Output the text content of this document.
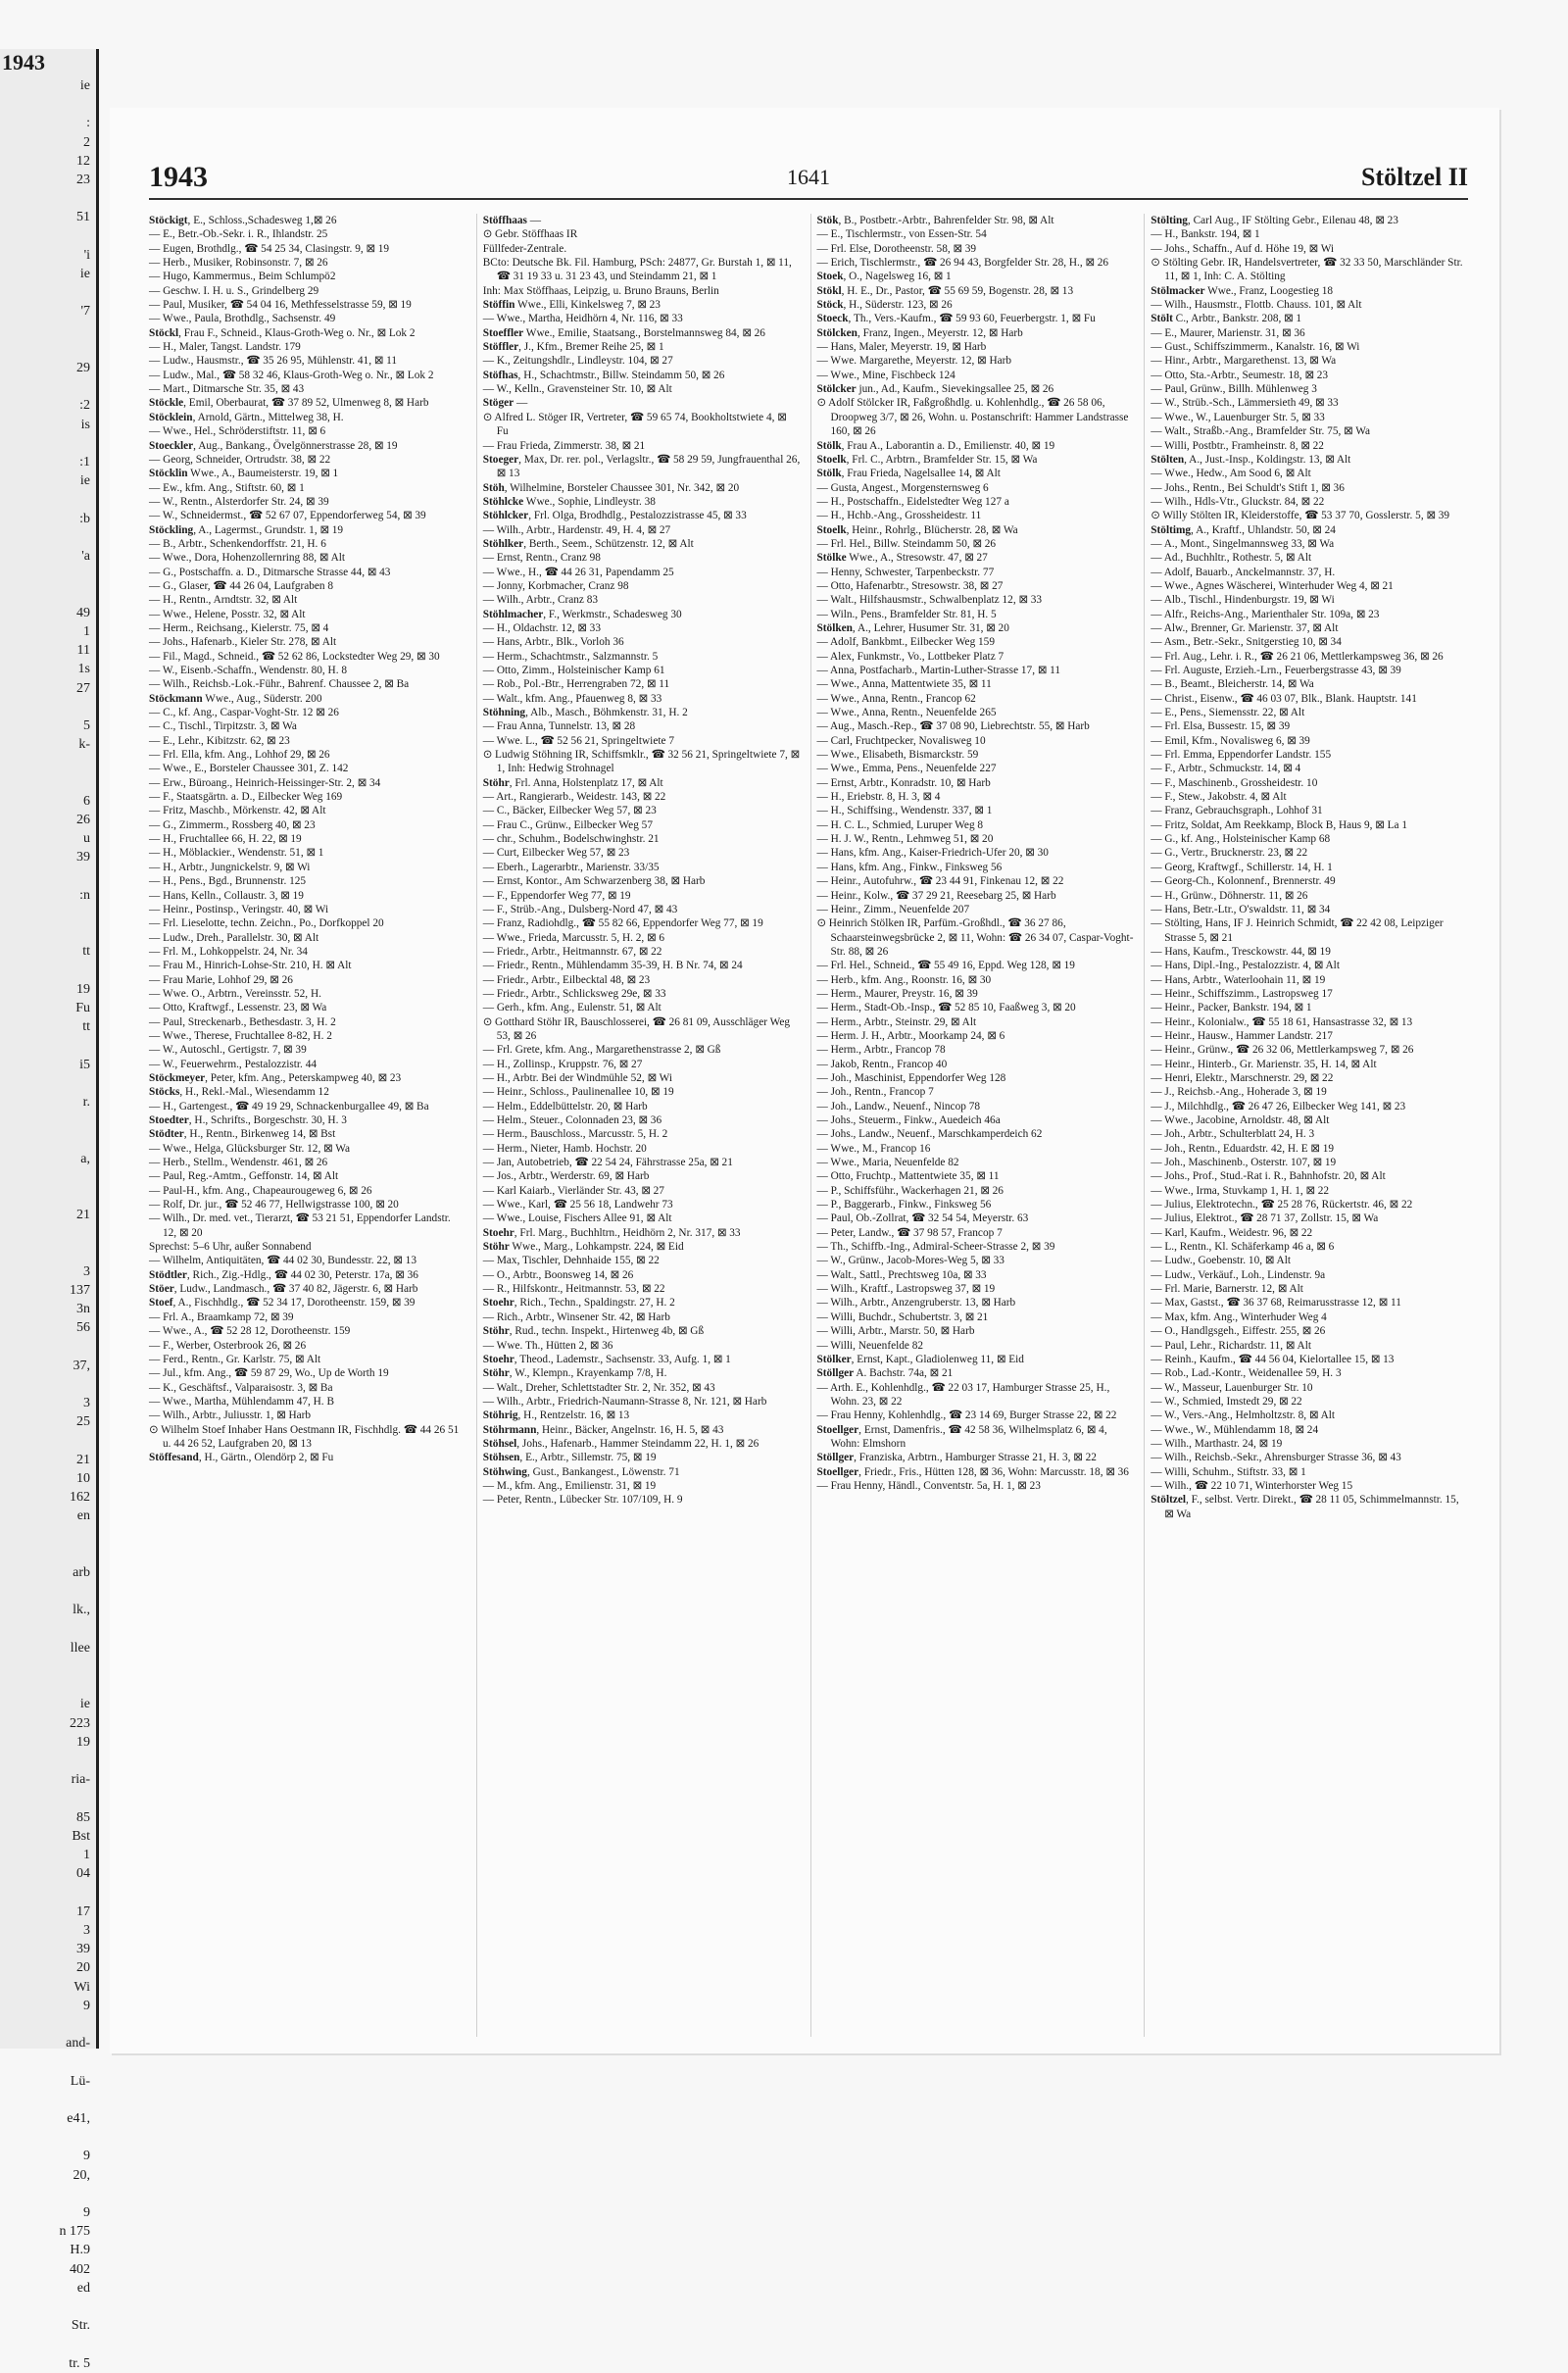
1943
ie

:
2
12
23

51

'i
ie

'7

29

:2
is

:1
ie

:b

'a

49
1
11
1s
27

5
k-

6
26
u
39

:n

tt

19
Fu
tt

i5

r.

a,

21

3
137
3n
56

37,

3
25

21
10
162
en

arb

lk.,

llee

ie
223
19

ria-

85
Bst
1
04

17
3
39
20
Wi
9

and-

Lü-

e41,

9
20,

9
n 175
H.9
402
ed

Str.

tr. 5
1943	1641	Stöltzel II
Stöckigt, E., Schloss.,Schadesweg 1,⊠ 26
— E., Betr.-Ob.-Sekr. i. R., Ihlandstr. 25
— Eugen, Brothdlg., ☎ 54 25 34, Clasingstr. 9, ⊠ 19
— Herb., Musiker, Robinsonstr. 7, ⊠ 26
— Hugo, Kammermus., Beim Schlumpö2
— Geschw. I. H. u. S., Grindelberg 29
— Paul, Musiker, ☎ 54 04 16, Methfesselstrasse 59, ⊠ 19
— Wwe., Paula, Brothdlg., Sachsenstr. 49
Stöckl, Frau F., Schneid., Klaus-Groth-Weg o. Nr., ⊠ Lok 2
— H., Maler, Tangst. Landstr. 179
— Ludw., Hausmstr., ☎ 35 26 95, Mühlenstr. 41, ⊠ 11
— Ludw., Mal., ☎ 58 32 46, Klaus-Groth-Weg o. Nr., ⊠ Lok 2
— Mart., Ditmarsche Str. 35, ⊠ 43
Stöckle, Emil, Oberbaurat, ☎ 37 89 52, Ulmenweg 8, ⊠ Harb
Stöcklein, Arnold, Gärtn., Mittelweg 38, H.
— Wwe., Hel., Schröderstiftstr. 11, ⊠ 6
Stoeckler, Aug., Bankang., Övelgönnerstrasse 28, ⊠ 19
— Georg, Schneider, Ortrudstr. 38, ⊠ 22
Stöcklin Wwe., A., Baumeisterstr. 19, ⊠ 1
— Ew., kfm. Ang., Stiftstr. 60, ⊠ 1
— W., Rentn., Alsterdorfer Str. 24, ⊠ 39
— W., Schneidermst., ☎ 52 67 07, Eppendorferweg 54, ⊠ 39
Stöckling, A., Lagermst., Grundstr. 1, ⊠ 19
— B., Arbtr., Schenkendorffstr. 21, H. 6
— Wwe., Dora, Hohenzollernring 88, ⊠ Alt
— G., Postschaffn. a. D., Ditmarsche Strasse 44, ⊠ 43
— G., Glaser, ☎ 44 26 04, Laufgraben 8
— H., Rentn., Arndtstr. 32, ⊠ Alt
— Wwe., Helene, Posstr. 32, ⊠ Alt
— Herm., Reichsang., Kielerstr. 75, ⊠ 4
— Johs., Hafenarb., Kieler Str. 278, ⊠ Alt
— Fil., Magd., Schneid., ☎ 52 62 86, Lockstedter Weg 29, ⊠ 30
— W., Eisenb.-Schaffn., Wendenstr. 80, H. 8
— Wilh., Reichsb.-Lok.-Führ., Bahrenf. Chaussee 2, ⊠ Ba
Stöckmann Wwe., Aug., Süderstr. 200
— C., kf. Ang., Caspar-Voght-Str. 12 ⊠ 26
— C., Tischl., Tirpitzstr. 3, ⊠ Wa
— E., Lehr., Kibitzstr. 62, ⊠ 23
— Frl. Ella, kfm. Ang., Lohhof 29, ⊠ 26
— Wwe., E., Borsteler Chaussee 301, Z. 142
— Erw., Büroang., Heinrich-Heissinger-Str. 2, ⊠ 34
— F., Staatsgärtn. a. D., Eilbecker Weg 169
— Fritz, Maschb., Mörkenstr. 42, ⊠ Alt
— G., Zimmerm., Rossberg 40, ⊠ 23
— H., Fruchtallee 66, H. 22, ⊠ 19
— H., Möblackier., Wendenstr. 51, ⊠ 1
— H., Arbtr., Jungnickelstr. 9, ⊠ Wi
— H., Pens., Bgd., Brunnenstr. 125
— Hans, Kelln., Collaustr. 3, ⊠ 19
— Heinr., Postinsp., Veringstr. 40, ⊠ Wi
— Frl. Lieselotte, techn. Zeichn., Po., Dorfkoppel 20
— Ludw., Dreh., Parallelstr. 30, ⊠ Alt
— Frl. M., Lohkoppelstr. 24, Nr. 34
— Frau M., Hinrich-Lohse-Str. 210, H. ⊠ Alt
— Frau Marie, Lohhof 29, ⊠ 26
— Wwe. O., Arbtrn., Vereinsstr. 52, H.
— Otto, Kraftwgf., Lessenstr. 23, ⊠ Wa
— Paul, Streckenarb., Bethesdastr. 3, H. 2
— Wwe., Therese, Fruchtallee 8-82, H. 2
— W., Autoschl., Gertigstr. 7, ⊠ 39
— W., Feuerwehrm., Pestalozzistr. 44
Stöckmeyer, Peter, kfm. Ang., Peterskampweg 40, ⊠ 23
Stöcks, H., Rekl.-Mal., Wiesendamm 12
— H., Gartengest., ☎ 49 19 29, Schnackenburgallee 49, ⊠ Ba
Stoedter, H., Schrifts., Borgeschstr. 30, H. 3
Stödter, H., Rentn., Birkenweg 14, ⊠ Bst
— Wwe., Helga, Glücksburger Str. 12, ⊠ Wa
— Herb., Stellm., Wendenstr. 461, ⊠ 26
— Paul, Reg.-Amtm., Geffonstr. 14, ⊠ Alt
— Paul-H., kfm. Ang., Chapeaurougeweg 6, ⊠ 26
— Rolf, Dr. jur., ☎ 52 46 77, Hellwigstrasse 100, ⊠ 20
— Wilh., Dr. med. vet., Tierarzt, ☎ 53 21 51, Eppendorfer Landstr. 12, ⊠ 20
Sprechst: 5–6 Uhr, außer Sonnabend
— Wilhelm, Antiquitäten, ☎ 44 02 30, Bundesstr. 22, ⊠ 13
Stödtler, Rich., Zig.-Hdlg., ☎ 44 02 30, Peterstr. 17a, ⊠ 36
Stöer, Ludw., Landmasch., ☎ 37 40 82, Jägerstr. 6, ⊠ Harb
Stoef, A., Fischhdlg., ☎ 52 34 17, Dorotheenstr. 159, ⊠ 39
— Frl. A., Braamkamp 72, ⊠ 39
— Wwe., A., ☎ 52 28 12, Dorotheenstr. 159
— F., Werber, Osterbrook 26, ⊠ 26
— Ferd., Rentn., Gr. Karlstr. 75, ⊠ Alt
— Jul., kfm. Ang., ☎ 59 87 29, Wo., Up de Worth 19
— K., Geschäftsf., Valparaisostr. 3, ⊠ Ba
— Wwe., Martha, Mühlendamm 47, H. B
— Wilh., Arbtr., Juliusstr. 1, ⊠ Harb
⊙ Wilhelm Stoef Inhaber Hans Oestmann IR, Fischhdlg. ☎ 44 26 51 u. 44 26 52, Laufgraben 20, ⊠ 13
Stöffesand, H., Gärtn., Olendörp 2, ⊠ Fu
Stöffhaas —
⊙ Gebr. Stöffhaas IR
Füllfeder-Zentrale.
BCto: Deutsche Bk. Fil. Hamburg, PSch: 24877, Gr. Burstah 1, ⊠ 11, ☎ 31 19 33 u. 31 23 43, und Steindamm 21, ⊠ 1
Inh: Max Stöffhaas, Leipzig, u. Bruno Brauns, Berlin
Stöffin Wwe., Elli, Kinkelsweg 7, ⊠ 23
— Wwe., Martha, Heidhörn 4, Nr. 116, ⊠ 33
Stoeffler Wwe., Emilie, Staatsang., Borstelmannsweg 84, ⊠ 26
Stöffler, J., Kfm., Bremer Reihe 25, ⊠ 1
— K., Zeitungshdlr., Lindleystr. 104, ⊠ 27
Stöfhas, H., Schachtmstr., Billw. Steindamm 50, ⊠ 26
— W., Kelln., Gravensteiner Str. 10, ⊠ Alt
Stöger —
⊙ Alfred L. Stöger IR, Vertreter, ☎ 59 65 74, Bookholtstwiete 4, ⊠ Fu
— Frau Frieda, Zimmerstr. 38, ⊠ 21
Stoeger, Max, Dr. rer. pol., Verlagsltr., ☎ 58 29 59, Jungfrauenthal 26, ⊠ 13
Stöh, Wilhelmine, Borsteler Chaussee 301, Nr. 342, ⊠ 20
Stöhlcke Wwe., Sophie, Lindleystr. 38
Stöhlcker, Frl. Olga, Brodhdlg., Pestalozzistrasse 45, ⊠ 33
— Wilh., Arbtr., Hardenstr. 49, H. 4, ⊠ 27
Stöhlker, Berth., Seem., Schützenstr. 12, ⊠ Alt
— Ernst, Rentn., Cranz 98
— Wwe., H., ☎ 44 26 31, Papendamm 25
— Jonny, Korbmacher, Cranz 98
— Wilh., Arbtr., Cranz 83
Stöhlmacher, F., Werkmstr., Schadesweg 30
— H., Oldachstr. 12, ⊠ 33
— Hans, Arbtr., Blk., Vorloh 36
— Herm., Schachtmstr., Salzmannstr. 5
— Otto, Zimm., Holsteinischer Kamp 61
— Rob., Pol.-Btr., Herrengraben 72, ⊠ 11
— Walt., kfm. Ang., Pfauenweg 8, ⊠ 33
Stöhning, Alb., Masch., Böhmkenstr. 31, H. 2
— Frau Anna, Tunnelstr. 13, ⊠ 28
— Wwe. L., ☎ 52 56 21, Springeltwiete 7
⊙ Ludwig Stöhning IR, Schiffsmklr., ☎ 32 56 21, Springeltwiete 7, ⊠ 1, Inh: Hedwig Strohnagel
Stöhr, Frl. Anna, Holstenplatz 17, ⊠ Alt
— Art., Rangierarb., Weidestr. 143, ⊠ 22
— C., Bäcker, Eilbecker Weg 57, ⊠ 23
— Frau C., Grünw., Eilbecker Weg 57
— chr., Schuhm., Bodelschwinghstr. 21
— Curt, Eilbecker Weg 57, ⊠ 23
— Eberh., Lagerarbtr., Marienstr. 33/35
— Ernst, Kontor., Am Schwarzenberg 38, ⊠ Harb
— F., Eppendorfer Weg 77, ⊠ 19
— F., Strüb.-Ang., Dulsberg-Nord 47, ⊠ 43
— Franz, Radiohdlg., ☎ 55 82 66, Eppendorfer Weg 77, ⊠ 19
— Wwe., Frieda, Marcusstr. 5, H. 2, ⊠ 6
— Friedr., Arbtr., Heitmannstr. 67, ⊠ 22
— Friedr., Rentn., Mühlendamm 35-39, H. B Nr. 74, ⊠ 24
— Friedr., Arbtr., Eilbecktal 48, ⊠ 23
— Friedr., Arbtr., Schlicksweg 29e, ⊠ 33
— Gerh., kfm. Ang., Eulenstr. 51, ⊠ Alt
⊙ Gotthard Stöhr IR, Bauschlosserei, ☎ 26 81 09, Ausschläger Weg 53, ⊠ 26
— Frl. Grete, kfm. Ang., Margarethenstrasse 2, ⊠ Gß
— H., Zollinsp., Kruppstr. 76, ⊠ 27
— H., Arbtr. Bei der Windmühle 52, ⊠ Wi
— Heinr., Schloss., Paulinenallee 10, ⊠ 19
— Helm., Eddelbüttelstr. 20, ⊠ Harb
— Helm., Steuer., Colonnaden 23, ⊠ 36
— Herm., Bauschloss., Marcusstr. 5, H. 2
— Herm., Nieter, Hamb. Hochstr. 20
— Jan, Autobetrieb, ☎ 22 54 24, Fährstrasse 25a, ⊠ 21
— Jos., Arbtr., Werderstr. 69, ⊠ Harb
— Karl Kaiarb., Vierländer Str. 43, ⊠ 27
— Wwe., Karl, ☎ 25 56 18, Landwehr 73
— Wwe., Louise, Fischers Allee 91, ⊠ Alt
Stoehr, Frl. Marg., Buchhltrn., Heidhörn 2, Nr. 317, ⊠ 33
Stöhr Wwe., Marg., Lohkampstr. 224, ⊠ Eid
— Max, Tischler, Dehnhaide 155, ⊠ 22
— O., Arbtr., Boonsweg 14, ⊠ 26
— R., Hilfskontr., Heitmannstr. 53, ⊠ 22
Stoehr, Rich., Techn., Spaldingstr. 27, H. 2
— Rich., Arbtr., Winsener Str. 42, ⊠ Harb
Stöhr, Rud., techn. Inspekt., Hirtenweg 4b, ⊠ Gß
— Wwe. Th., Hütten 2, ⊠ 36
Stoehr, Theod., Lademstr., Sachsenstr. 33, Aufg. 1, ⊠ 1
Stöhr, W., Klempn., Krayenkamp 7/8, H.
— Walt., Dreher, Schlettstadter Str. 2, Nr. 352, ⊠ 43
— Wilh., Arbtr., Friedrich-Naumann-Strasse 8, Nr. 121, ⊠ Harb
Stöhrig, H., Rentzelstr. 16, ⊠ 13
Stöhrmann, Heinr., Bäcker, Angelnstr. 16, H. 5, ⊠ 43
Stöhsel, Johs., Hafenarb., Hammer Steindamm 22, H. 1, ⊠ 26
Stöhsen, E., Arbtr., Sillemstr. 75, ⊠ 19
Stöhwing, Gust., Bankangest., Löwenstr. 71
— M., kfm. Ang., Emilienstr. 31, ⊠ 19
— Peter, Rentn., Lübecker Str. 107/109, H. 9
Stök, B., Postbetr.-Arbtr., Bahrenfelder Str. 98, ⊠ Alt
— E., Tischlermstr., von Essen-Str. 54
— Frl. Else, Dorotheenstr. 58, ⊠ 39
— Erich, Tischlermstr., ☎ 26 94 43, Borgfelder Str. 28, H., ⊠ 26
Stoek, O., Nagelsweg 16, ⊠ 1
Stökl, H. E., Dr., Pastor, ☎ 55 69 59, Bogenstr. 28, ⊠ 13
Stöck, H., Süderstr. 123, ⊠ 26
Stoeck, Th., Vers.-Kaufm., ☎ 59 93 60, Feuerbergstr. 1, ⊠ Fu
Stölcken, Franz, Ingen., Meyerstr. 12, ⊠ Harb
— Hans, Maler, Meyerstr. 19, ⊠ Harb
— Wwe. Margarethe, Meyerstr. 12, ⊠ Harb
— Wwe., Mine, Fischbeck 124
Stölcker jun., Ad., Kaufm., Sievekingsallee 25, ⊠ 26
⊙ Adolf Stölcker IR, Faßgroßhdlg. u. Kohlenhdlg., ☎ 26 58 06, Droopweg 3/7, ⊠ 26, Wohn. u. Postanschrift: Hammer Landstrasse 160, ⊠ 26
Stölk, Frau A., Laborantin a. D., Emilienstr. 40, ⊠ 19
Stoelk, Frl. C., Arbtrn., Bramfelder Str. 15, ⊠ Wa
Stölk, Frau Frieda, Nagelsallee 14, ⊠ Alt
— Gusta, Angest., Morgensternsweg 6
— H., Postschaffn., Eidelstedter Weg 127 a
— H., Hchb.-Ang., Grossheidestr. 11
Stoelk, Heinr., Rohrlg., Blücherstr. 28, ⊠ Wa
— Frl. Hel., Billw. Steindamm 50, ⊠ 26
Stölke Wwe., A., Stresowstr. 47, ⊠ 27
— Henny, Schwester, Tarpenbeckstr. 77
— Otto, Hafenarbtr., Stresowstr. 38, ⊠ 27
— Walt., Hilfshausmstr., Schwalbenplatz 12, ⊠ 33
— Wiln., Pens., Bramfelder Str. 81, H. 5
Stölken, A., Lehrer, Husumer Str. 31, ⊠ 20
— Adolf, Bankbmt., Eilbecker Weg 159
— Alex, Funkmstr., Vo., Lottbeker Platz 7
— Anna, Postfacharb., Martin-Luther-Strasse 17, ⊠ 11
— Wwe., Anna, Mattentwiete 35, ⊠ 11
— Wwe., Anna, Rentn., Francop 62
— Wwe., Anna, Rentn., Neuenfelde 265
— Aug., Masch.-Rep., ☎ 37 08 90, Liebrechtstr. 55, ⊠ Harb
— Carl, Fruchtpecker, Novalisweg 10
— Wwe., Elisabeth, Bismarckstr. 59
— Wwe., Emma, Pens., Neuenfelde 227
— Ernst, Arbtr., Konradstr. 10, ⊠ Harb
— H., Eriebstr. 8, H. 3, ⊠ 4
— H., Schiffsing., Wendenstr. 337, ⊠ 1
— H. C. L., Schmied, Luruper Weg 8
— H. J. W., Rentn., Lehmweg 51, ⊠ 20
— Hans, kfm. Ang., Kaiser-Friedrich-Ufer 20, ⊠ 30
— Hans, kfm. Ang., Finkw., Finksweg 56
— Heinr., Autofuhrw., ☎ 23 44 91, Finkenau 12, ⊠ 22
— Heinr., Kolw., ☎ 37 29 21, Reesebarg 25, ⊠ Harb
— Heinr., Zimm., Neuenfelde 207
⊙ Heinrich Stölken IR, Parfüm.-Großhdl., ☎ 36 27 86, Schaarsteinwegsbrücke 2, ⊠ 11, Wohn: ☎ 26 34 07, Caspar-Voght-Str. 88, ⊠ 26
— Frl. Hel., Schneid., ☎ 55 49 16, Eppd. Weg 128, ⊠ 19
— Herb., kfm. Ang., Roonstr. 16, ⊠ 30
— Herm., Maurer, Preystr. 16, ⊠ 39
— Herm., Stadt-Ob.-Insp., ☎ 52 85 10, Faaßweg 3, ⊠ 20
— Herm., Arbtr., Steinstr. 29, ⊠ Alt
— Herm. J. H., Arbtr., Moorkamp 24, ⊠ 6
— Herm., Arbtr., Francop 78
— Jakob, Rentn., Francop 40
— Joh., Maschinist, Eppendorfer Weg 128
— Joh., Rentn., Francop 7
— Joh., Landw., Neuenf., Nincop 78
— Johs., Steuerm., Finkw., Auedeich 46a
— Johs., Landw., Neuenf., Marschkamperdeich 62
— Wwe., M., Francop 16
— Wwe., Maria, Neuenfelde 82
— Otto, Fruchtp., Mattentwiete 35, ⊠ 11
— P., Schiffsführ., Wackerhagen 21, ⊠ 26
— P., Baggerarb., Finkw., Finksweg 56
— Paul, Ob.-Zollrat, ☎ 32 54 54, Meyerstr. 63
— Peter, Landw., ☎ 37 98 57, Francop 7
— Th., Schiffb.-Ing., Admiral-Scheer-Strasse 2, ⊠ 39
— W., Grünw., Jacob-Mores-Weg 5, ⊠ 33
— Walt., Sattl., Prechtsweg 10a, ⊠ 33
— Wilh., Kraftf., Lastropsweg 37, ⊠ 19
— Wilh., Arbtr., Anzengruberstr. 13, ⊠ Harb
— Willi, Buchdr., Schubertstr. 3, ⊠ 21
— Willi, Arbtr., Marstr. 50, ⊠ Harb
— Willi, Neuenfelde 82
Stölker, Ernst, Kapt., Gladiolenweg 11, ⊠ Eid
Stöllger A. Bachstr. 74a, ⊠ 21
— Arth. E., Kohlenhdlg., ☎ 22 03 17, Hamburger Strasse 25, H., Wohn. 23, ⊠ 22
— Frau Henny, Kohlenhdlg., ☎ 23 14 69, Burger Strasse 22, ⊠ 22
Stoellger, Ernst, Damenfris., ☎ 42 58 36, Wilhelmsplatz 6, ⊠ 4, Wohn: Elmshorn
Stöllger, Franziska, Arbtrn., Hamburger Strasse 21, H. 3, ⊠ 22
Stoellger, Friedr., Fris., Hütten 128, ⊠ 36, Wohn: Marcusstr. 18, ⊠ 36
— Frau Henny, Händl., Conventstr. 5a, H. 1, ⊠ 23
Stölting, Carl Aug., IF Stölting Gebr., Eilenau 48, ⊠ 23
— H., Bankstr. 194, ⊠ 1
— Johs., Schaffn., Auf d. Höhe 19, ⊠ Wi
⊙ Stölting Gebr. IR, Handelsvertreter, ☎ 32 33 50, Marschländer Str. 11, ⊠ 1, Inh: C. A. Stölting
Stölmacker Wwe., Franz, Loogestieg 18
— Wilh., Hausmstr., Flottb. Chauss. 101, ⊠ Alt
Stölt C., Arbtr., Bankstr. 208, ⊠ 1
— E., Maurer, Marienstr. 31, ⊠ 36
— Gust., Schiffszimmerm., Kanalstr. 16, ⊠ Wi
— Hinr., Arbtr., Margarethenst. 13, ⊠ Wa
— Otto, Sta.-Arbtr., Seumestr. 18, ⊠ 23
— Paul, Grünw., Billh. Mühlenweg 3
— W., Strüb.-Sch., Lämmersieth 49, ⊠ 33
— Wwe., W., Lauenburger Str. 5, ⊠ 33
— Walt., Straßb.-Ang., Bramfelder Str. 75, ⊠ Wa
— Willi, Postbtr., Framheinstr. 8, ⊠ 22
Stölten, A., Just.-Insp., Koldingstr. 13, ⊠ Alt
— Wwe., Hedw., Am Sood 6, ⊠ Alt
— Johs., Rentn., Bei Schuldt's Stift 1, ⊠ 36
— Wilh., Hdls-Vtr., Gluckstr. 84, ⊠ 22
⊙ Willy Stölten IR, Kleiderstoffe, ☎ 53 37 70, Gosslerstr. 5, ⊠ 39
Stöltimg, A., Kraftf., Uhlandstr. 50, ⊠ 24
— A., Mont., Singelmannsweg 33, ⊠ Wa
— Ad., Buchhltr., Rothestr. 5, ⊠ Alt
— Adolf, Bauarb., Anckelmannstr. 37, H.
— Wwe., Agnes Wäscherei, Winterhuder Weg 4, ⊠ 21
— Alb., Tischl., Hindenburgstr. 19, ⊠ Wi
— Alfr., Reichs-Ang., Marienthaler Str. 109a, ⊠ 23
— Alw., Brenner, Gr. Marienstr. 37, ⊠ Alt
— Asm., Betr.-Sekr., Snitgerstieg 10, ⊠ 34
— Frl. Aug., Lehr. i. R., ☎ 26 21 06, Mettlerkampsweg 36, ⊠ 26
— Frl. Auguste, Erzieh.-Lrn., Feuerbergstrasse 43, ⊠ 39
— B., Beamt., Bleicherstr. 14, ⊠ Wa
— Christ., Eisenw., ☎ 46 03 07, Blk., Blank. Hauptstr. 141
— E., Pens., Siemensstr. 22, ⊠ Alt
— Frl. Elsa, Bussestr. 15, ⊠ 39
— Emil, Kfm., Novalisweg 6, ⊠ 39
— Frl. Emma, Eppendorfer Landstr. 155
— F., Arbtr., Schmuckstr. 14, ⊠ 4
— F., Maschinenb., Grossheidestr. 10
— F., Stew., Jakobstr. 4, ⊠ Alt
— Franz, Gebrauchsgraph., Lohhof 31
— Fritz, Soldat, Am Reekkamp, Block B, Haus 9, ⊠ La 1
— G., kf. Ang., Holsteinischer Kamp 68
— G., Vertr., Brucknerstr. 23, ⊠ 22
— Georg, Kraftwgf., Schillerstr. 14, H. 1
— Georg-Ch., Kolonnenf., Brennerstr. 49
— H., Grünw., Döhnerstr. 11, ⊠ 26
— Hans, Betr.-Ltr., O'swaldstr. 11, ⊠ 34
— Stölting, Hans, IF J. Heinrich Schmidt, ☎ 22 42 08, Leipziger Strasse 5, ⊠ 21
— Hans, Kaufm., Tresckowstr. 44, ⊠ 19
— Hans, Dipl.-Ing., Pestalozzistr. 4, ⊠ Alt
— Hans, Arbtr., Waterloohain 11, ⊠ 19
— Heinr., Schiffszimm., Lastropsweg 17
— Heinr., Packer, Bankstr. 194, ⊠ 1
— Heinr., Kolonialw., ☎ 55 18 61, Hansastrasse 32, ⊠ 13
— Heinr., Hausw., Hammer Landstr. 217
— Heinr., Grünw., ☎ 26 32 06, Mettlerkampsweg 7, ⊠ 26
— Heinr., Hinterb., Gr. Marienstr. 35, H. 14, ⊠ Alt
— Henri, Elektr., Marschnerstr. 29, ⊠ 22
— J., Reichsb.-Ang., Hoherade 3, ⊠ 19
— J., Milchhdlg., ☎ 26 47 26, Eilbecker Weg 141, ⊠ 23
— Wwe., Jacobine, Arnoldstr. 48, ⊠ Alt
— Joh., Arbtr., Schulterblatt 24, H. 3
— Joh., Rentn., Eduardstr. 42, H. E ⊠ 19
— Joh., Maschinenb., Osterstr. 107, ⊠ 19
— Johs., Prof., Stud.-Rat i. R., Bahnhofstr. 20, ⊠ Alt
— Wwe., Irma, Stuvkamp 1, H. 1, ⊠ 22
— Julius, Elektrotechn., ☎ 25 28 76, Rückertstr. 46, ⊠ 22
— Julius, Elektrot., ☎ 28 71 37, Zollstr. 15, ⊠ Wa
— Karl, Kaufm., Weidestr. 96, ⊠ 22
— L., Rentn., Kl. Schäferkamp 46 a, ⊠ 6
— Ludw., Goebenstr. 10, ⊠ Alt
— Ludw., Verkäuf., Loh., Lindenstr. 9a
— Frl. Marie, Barnerstr. 12, ⊠ Alt
— Max, Gastst., ☎ 36 37 68, Reimarusstrasse 12, ⊠ 11
— Max, kfm. Ang., Winterhuder Weg 4
— O., Handlgsgeh., Eiffestr. 255, ⊠ 26
— Paul, Lehr., Richardstr. 11, ⊠ Alt
— Reinh., Kaufm., ☎ 44 56 04, Kielortallee 15, ⊠ 13
— Rob., Lad.-Kontr., Weidenallee 59, H. 3
— W., Masseur, Lauenburger Str. 10
— W., Schmied, Imstedt 29, ⊠ 22
— W., Vers.-Ang., Helmholtzstr. 8, ⊠ Alt
— Wwe., W., Mühlendamm 18, ⊠ 24
— Wilh., Marthastr. 24, ⊠ 19
— Wilh., Reichsb.-Sekr., Ahrensburger Strasse 36, ⊠ 43
— Willi, Schuhm., Stiftstr. 33, ⊠ 1
— Wilh., ☎ 22 10 71, Winterhorster Weg 15
Stöltzel, F., selbst. Vertr. Direkt., ☎ 28 11 05, Schimmelmannstr. 15, ⊠ Wa
